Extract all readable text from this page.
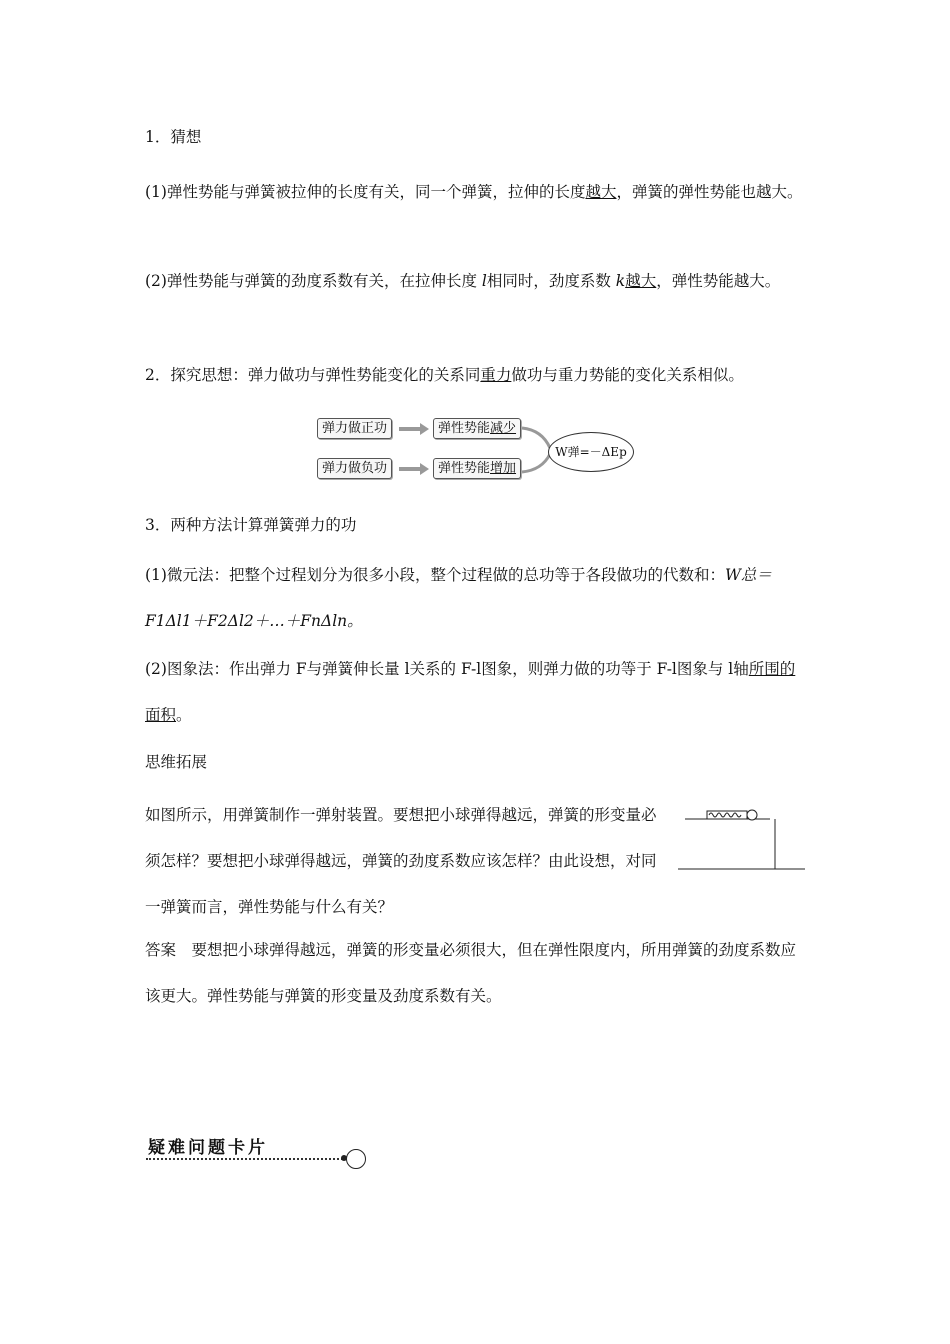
1．猜想

(1)弹性势能与弹簧被拉伸的长度有关，同一个弹簧，拉伸的长度越大，弹簧的弹性势能也越大。

(2)弹性势能与弹簧的劲度系数有关，在拉伸长度 l相同时，劲度系数 k越大，弹性势能越大。

2．探究思想：弹力做功与弹性势能变化的关系同重力做功与重力势能的变化关系相似。

弹力做正功	弹性势能减少
弹力做负功	弹性势能增加
W弹=－ΔEp

3．两种方法计算弹簧弹力的功

(1)微元法：把整个过程划分为很多小段，整个过程做的总功等于各段做功的代数和：W总＝F1Δl1＋F2Δl2＋…＋FnΔln。

(2)图象法：作出弹力 F与弹簧伸长量 l关系的 F-l图象，则弹力做的功等于 F-l图象与 l轴所围的面积。

思维拓展

如图所示，用弹簧制作一弹射装置。要想把小球弹得越远，弹簧的形变量必须怎样？要想把小球弹得越远，弹簧的劲度系数应该怎样？由此设想，对同一弹簧而言，弹性势能与什么有关？

答案　要想把小球弹得越远，弹簧的形变量必须很大，但在弹性限度内，所用弹簧的劲度系数应该更大。弹性势能与弹簧的形变量及劲度系数有关。

疑难问题卡片
